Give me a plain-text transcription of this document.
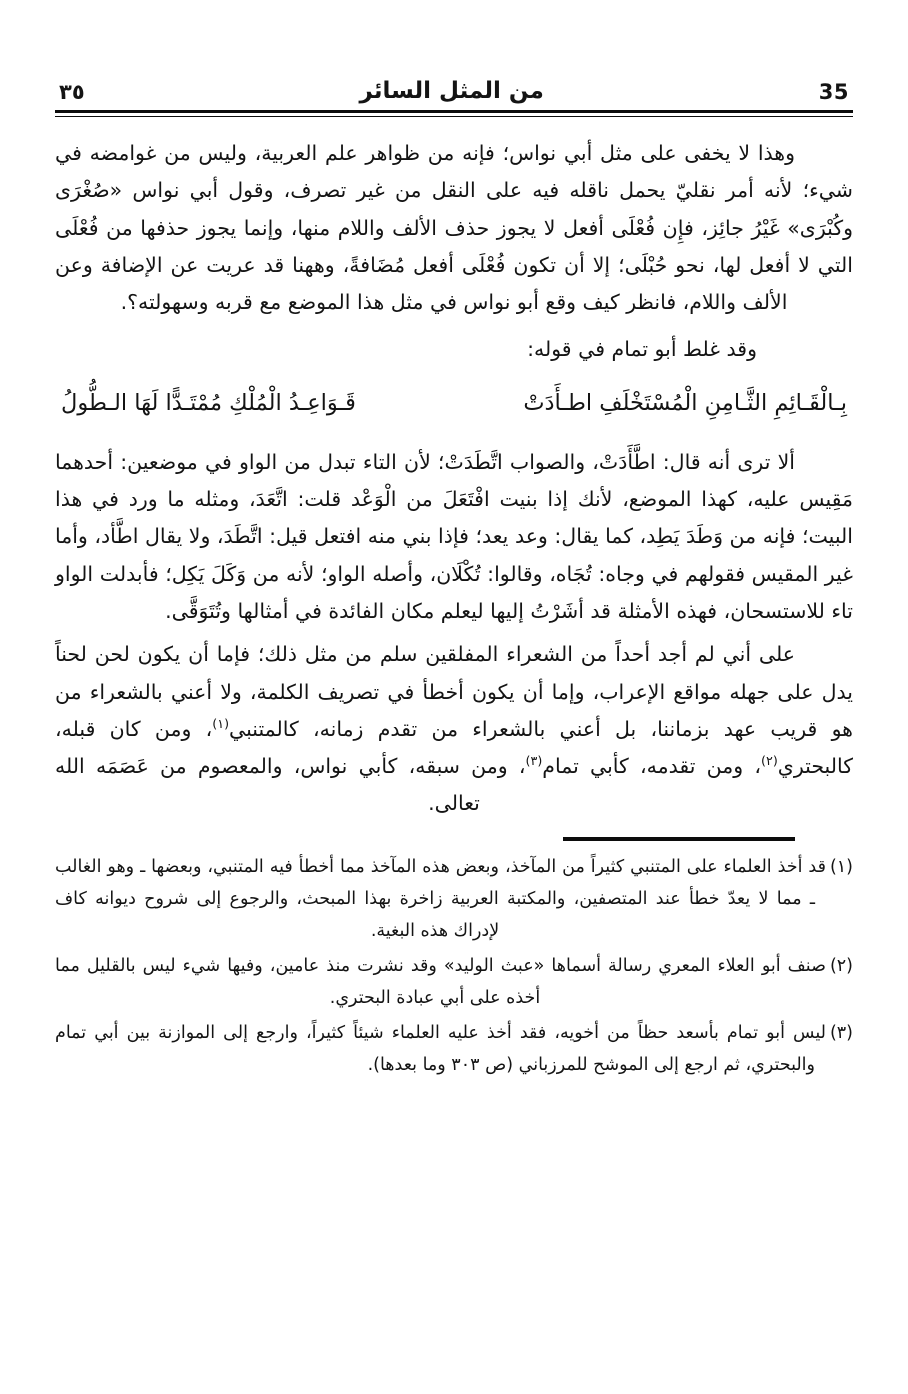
35
من المثل السائر
٣٥

وهذا لا يخفى على مثل أبي نواس؛ فإنه من ظواهر علم العربية، وليس من غوامضه في شيء؛ لأنه أمر نقليّ يحمل ناقله فيه على النقل من غير تصرف، وقول أبي نواس «صُغْرَى وكُبْرَى» غَيْرُ جائِز، فإِن فُعْلَى أفعل لا يجوز حذف الألف واللام منها، وإنما يجوز حذفها من فُعْلَى التي لا أفعل لها، نحو حُبْلَى؛ إلا أن تكون فُعْلَى أفعل مُضَافةً، وههنا قد عريت عن الإضافة وعن الألف واللام، فانظر كيف وقع أبو نواس في مثل هذا الموضع مع قربه وسهولته؟.

وقد غلط أبو تمام في قوله:

بِـالْقَـائِمِ الثَّـامِنِ الْمُسْتَخْلَفِ اطـأَدَتْ
قَـوَاعِـدُ الْمُلْكِ مُمْتَـدًّا لَهَا الـطُّولُ

ألا ترى أنه قال: اطَّأَدَتْ، والصواب اتَّطَدَتْ؛ لأن التاء تبدل من الواو في موضعين: أحدهما مَقِيس عليه، كهذا الموضع، لأنك إذا بنيت افْتَعَلَ من الْوَعْد قلت: اتَّعَدَ، ومثله ما ورد في هذا البيت؛ فإنه من وَطَدَ يَطِد، كما يقال: وعد يعد؛ فإذا بني منه افتعل قيل: اتَّطَدَ، ولا يقال اطَّأد، وأما غير المقيس فقولهم في وجاه: تُجَاه، وقالوا: تُكْلَان، وأصله الواو؛ لأنه من وَكَلَ يَكِل؛ فأبدلت الواو تاء للاستسحان، فهذه الأمثلة قد أشَرْتُ إليها ليعلم مكان الفائدة في أمثالها وتُتَوَقَّى.

على أني لم أجد أحداً من الشعراء المفلقين سلم من مثل ذلك؛ فإما أن يكون لحن لحناً يدل على جهله مواقع الإعراب، وإما أن يكون أخطأ في تصريف الكلمة، ولا أعني بالشعراء من هو قريب عهد بزماننا، بل أعني بالشعراء من تقدم زمانه، كالمتنبي$^{(١)}$، ومن كان قبله، كالبحتري$^{(٢)}$، ومن تقدمه، كأبي تمام$^{(٣)}$، ومن سبقه، كأبي نواس، والمعصوم من عَصَمَه الله تعالى.

(١)قد أخذ العلماء على المتنبي كثيراً من المآخذ، وبعض هذه المآخذ مما أخطأ فيه المتنبي، وبعضها ـ وهو الغالب ـ مما لا يعدّ خطأ عند المتصفين، والمكتبة العربية زاخرة بهذا المبحث، والرجوع إلى شروح ديوانه كاف لإدراك هذه البغية.

(٢)صنف أبو العلاء المعري رسالة أسماها «عبث الوليد» وقد نشرت منذ عامين، وفيها شيء ليس بالقليل مما أخذه على أبي عبادة البحتري.

(٣)ليس أبو تمام بأسعد حظاً من أخويه، فقد أخذ عليه العلماء شيئاً كثيراً، وارجع إلى الموازنة بين أبي تمام والبحتري، ثم ارجع إلى الموشح للمرزباني (ص ٣٠٣ وما بعدها).
